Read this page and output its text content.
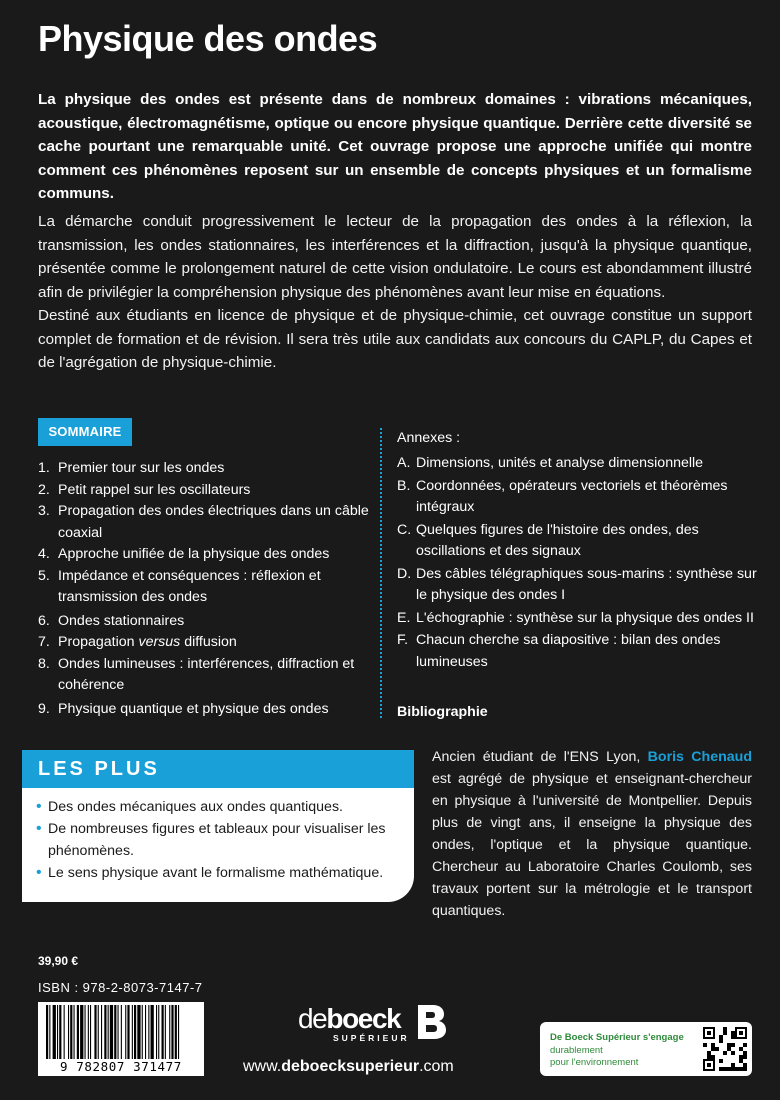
Physique des ondes

La physique des ondes est présente dans de nombreux domaines : vibrations mécaniques, acoustique, électromagnétisme, optique ou encore physique quantique. Derrière cette diversité se cache pourtant une remarquable unité. Cet ouvrage propose une approche unifiée qui montre comment ces phénomènes reposent sur un ensemble de concepts physiques et un formalisme communs.

La démarche conduit progressivement le lecteur de la propagation des ondes à la réflexion, la transmission, les ondes stationnaires, les interférences et la diffraction, jusqu'à la physique quantique, présentée comme le prolongement naturel de cette vision ondulatoire. Le cours est abondamment illustré afin de privilégier la compréhension physique des phénomènes avant leur mise en équations.

Destiné aux étudiants en licence de physique et de physique-chimie, cet ouvrage constitue un support complet de formation et de révision. Il sera très utile aux candidats aux concours du CAPLP, du Capes et de l'agrégation de physique-chimie.

SOMMAIRE
1. Premier tour sur les ondes
2. Petit rappel sur les oscillateurs
3. Propagation des ondes électriques dans un câble coaxial
4. Approche unifiée de la physique des ondes
5. Impédance et conséquences : réflexion et transmission des ondes
6. Ondes stationnaires
7. Propagation versus diffusion
8. Ondes lumineuses : interférences, diffraction et cohérence
9. Physique quantique et physique des ondes
Annexes :
A. Dimensions, unités et analyse dimensionnelle
B. Coordonnées, opérateurs vectoriels et théorèmes intégraux
C. Quelques figures de l'histoire des ondes, des oscillations et des signaux
D. Des câbles télégraphiques sous-marins : synthèse sur le physique des ondes I
E. L'échographie : synthèse sur la physique des ondes II
F. Chacun cherche sa diapositive : bilan des ondes lumineuses
Bibliographie
LES PLUS
• Des ondes mécaniques aux ondes quantiques.
• De nombreuses figures et tableaux pour visualiser les phénomènes.
• Le sens physique avant le formalisme mathématique.

Ancien étudiant de l'ENS Lyon, Boris Chenaud est agrégé de physique et enseignant-chercheur en physique à l'université de Montpellier. Depuis plus de vingt ans, il enseigne la physique des ondes, l'optique et la physique quantique. Chercheur au Laboratoire Charles Coulomb, ses travaux portent sur la métrologie et le transport quantiques.

39,90 €
ISBN : 978-2-8073-7147-7
9 782807 371477
deboeck
SUPÉRIEUR
www.deboecksuperieur.com
De Boeck Supérieur s'engage
durablement
pour l'environnement
